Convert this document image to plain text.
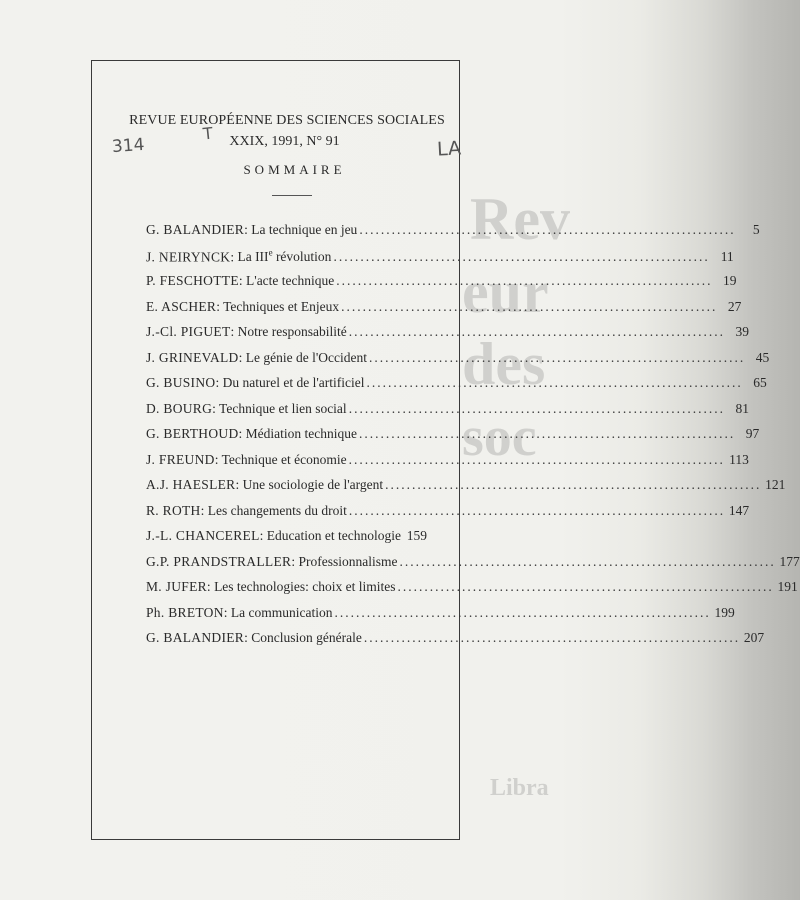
Rev
eur
des
soc
Libra
REVUE EUROPÉENNE DES SCIENCES SOCIALES
314
T
LA
XXIX, 1991, N° 91
SOMMAIRE
G. BALANDIER: La technique en jeu .....	5
J. NEIRYNCK: La IIIe révolution .....	11
P. FESCHOTTE: L'acte technique .....	19
E. ASCHER: Techniques et Enjeux .....	27
J.-Cl. PIGUET: Notre responsabilité .....	39
J. GRINEVALD: Le génie de l'Occident .....	45
G. BUSINO: Du naturel et de l'artificiel .....	65
D. BOURG: Technique et lien social .....	81
G. BERTHOUD: Médiation technique .....	97
J. FREUND: Technique et économie .....	113
A.J. HAESLER: Une sociologie de l'argent .....	121
R. ROTH: Les changements du droit .....	147
J.-L. CHANCEREL: Education et technologie ..... 159
G.P. PRANDSTRALLER: Professionnalisme .....	177
M. JUFER: Les technologies: choix et limites .....	191
Ph. BRETON: La communication .....	199
G. BALANDIER: Conclusion générale .....	207
